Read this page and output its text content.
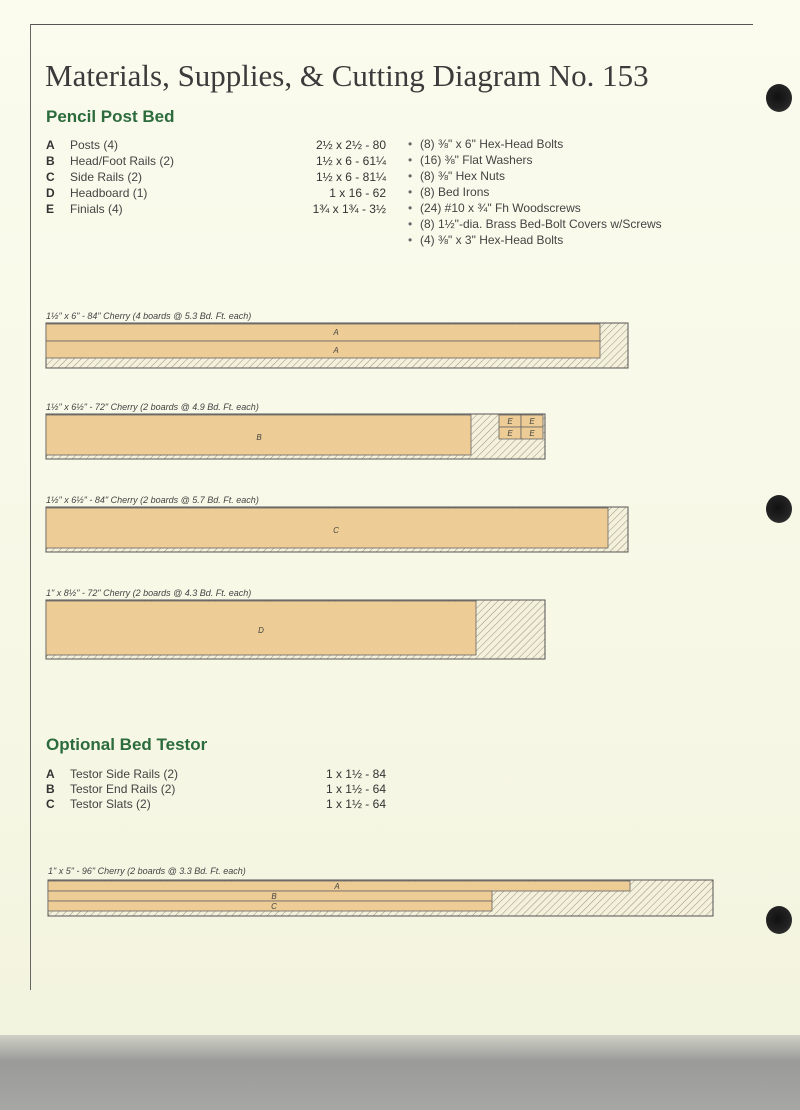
Materials, Supplies, & Cutting Diagram No. 153
Pencil Post Bed
A Posts (4)	2½ x 2½ - 80
B Head/Foot Rails (2)	1½ x 6 - 61¼
C Side Rails (2)	1½ x 6 - 81¼
D Headboard (1)	1 x 16 - 62
E Finials (4)	1¾ x 1¾ - 3½
• (8) ⅜" x 6" Hex-Head Bolts
• (16) ⅜" Flat Washers
• (8) ⅜" Hex Nuts
• (8) Bed Irons
• (24) #10 x ¾" Fh Woodscrews
• (8) 1½"-dia. Brass Bed-Bolt Covers w/Screws
• (4) ⅜" x 3" Hex-Head Bolts
1½" x 6" - 84" Cherry (4 boards @ 5.3 Bd. Ft. each)
A
A
1½" x 6½" - 72" Cherry (2 boards @ 4.9 Bd. Ft. each)
B
E E
E E
1½" x 6½" - 84" Cherry (2 boards @ 5.7 Bd. Ft. each)
C
1" x 8½" - 72" Cherry (2 boards @ 4.3 Bd. Ft. each)
D
Optional Bed Testor
A Testor Side Rails (2)	1 x 1½ - 84
B Testor End Rails (2)	1 x 1½ - 64
C Testor Slats (2)	1 x 1½ - 64
1" x 5" - 96" Cherry (2 boards @ 3.3 Bd. Ft. each)
A
B
C
